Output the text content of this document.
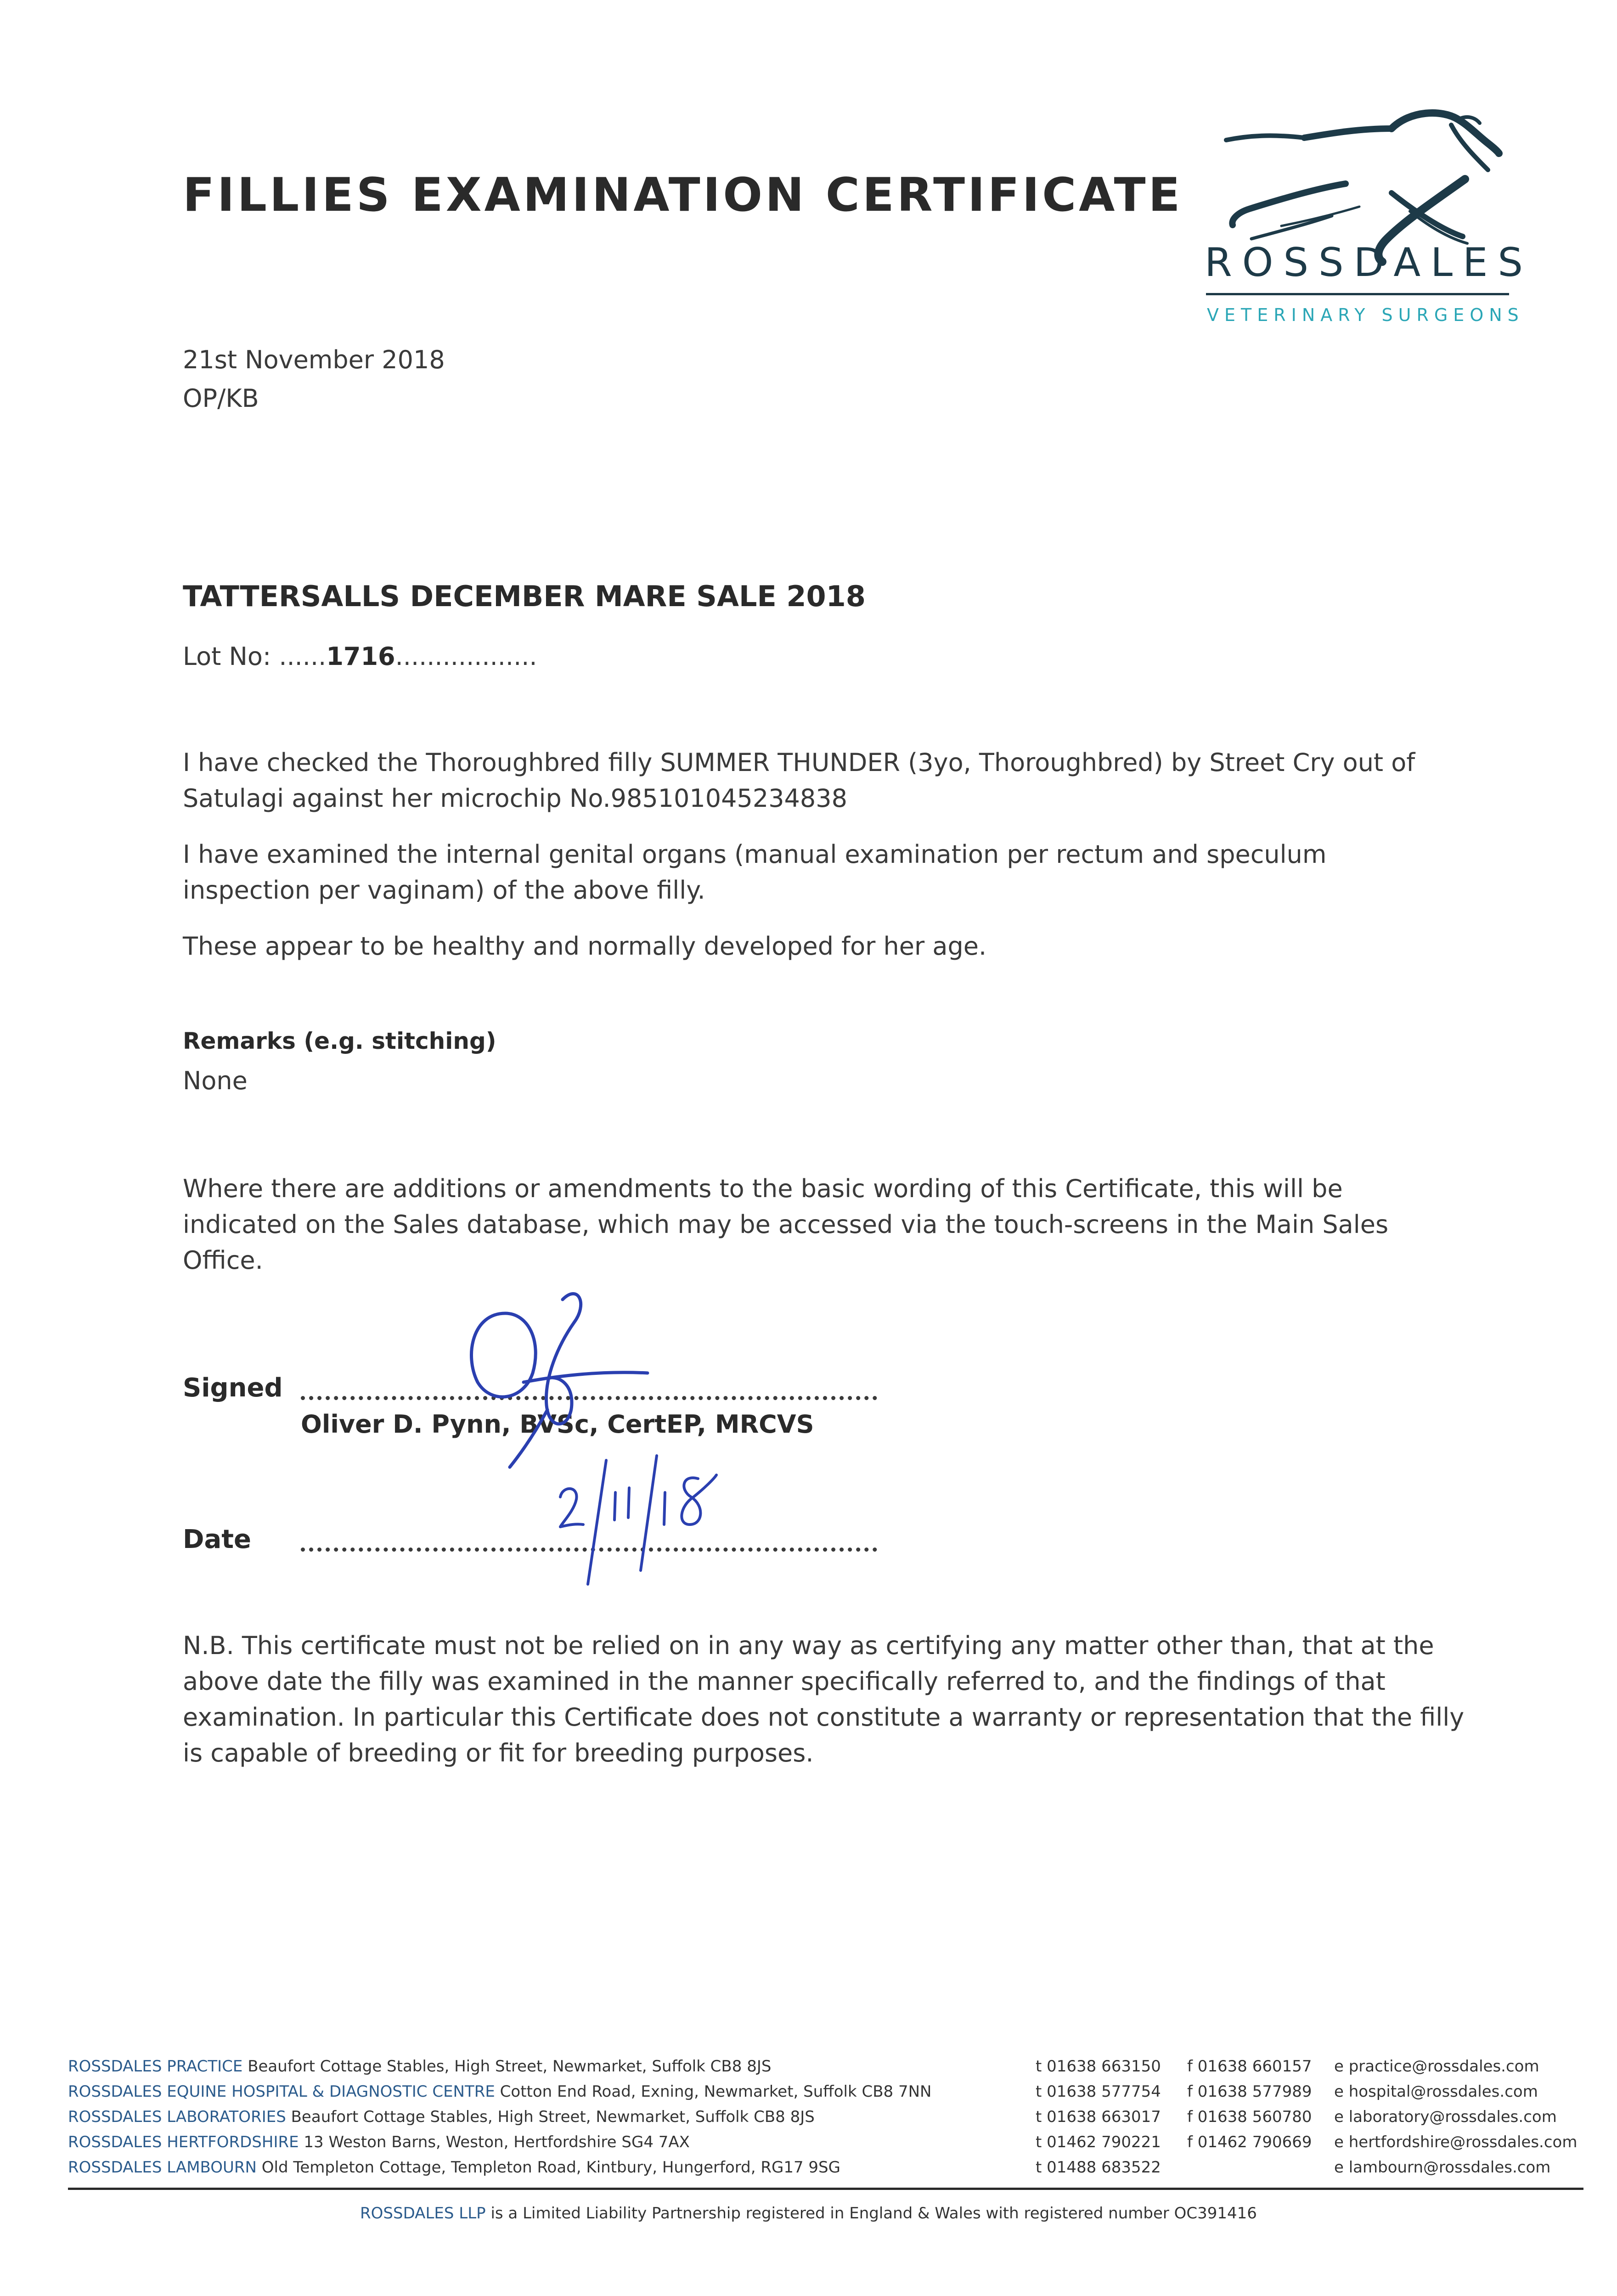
FILLIES EXAMINATION CERTIFICATE
ROSSDALES
VETERINARY SURGEONS
21st November 2018
OP/KB
TATTERSALLS DECEMBER MARE SALE 2018
Lot No: ......1716..................
I have checked the Thoroughbred filly SUMMER THUNDER (3yo, Thoroughbred) by Street Cry out of Satulagi against her microchip No.985101045234838
I have examined the internal genital organs (manual examination per rectum and speculum inspection per vaginam) of the above filly.
These appear to be healthy and normally developed for her age.
Remarks (e.g. stitching)
None
Where there are additions or amendments to the basic wording of this Certificate, this will be indicated on the Sales database, which may be accessed via the touch-screens in the Main Sales Office.
Signed
Oliver D. Pynn, BVSc, CertEP, MRCVS
Date
N.B. This certificate must not be relied on in any way as certifying any matter other than, that at the above date the filly was examined in the manner specifically referred to, and the findings of that examination. In particular this Certificate does not constitute a warranty or representation that the filly is capable of breeding or fit for breeding purposes.
ROSSDALES PRACTICE Beaufort Cottage Stables, High Street, Newmarket, Suffolk CB8 8JS	t 01638 663150 f 01638 660157 e practice@rossdales.com
ROSSDALES EQUINE HOSPITAL & DIAGNOSTIC CENTRE Cotton End Road, Exning, Newmarket, Suffolk CB8 7NN	t 01638 577754 f 01638 577989 e hospital@rossdales.com
ROSSDALES LABORATORIES Beaufort Cottage Stables, High Street, Newmarket, Suffolk CB8 8JS	t 01638 663017 f 01638 560780 e laboratory@rossdales.com
ROSSDALES HERTFORDSHIRE 13 Weston Barns, Weston, Hertfordshire SG4 7AX	t 01462 790221 f 01462 790669 e hertfordshire@rossdales.com
ROSSDALES LAMBOURN Old Templeton Cottage, Templeton Road, Kintbury, Hungerford, RG17 9SG	t 01488 683522	e lambourn@rossdales.com
ROSSDALES LLP is a Limited Liability Partnership registered in England & Wales with registered number OC391416
